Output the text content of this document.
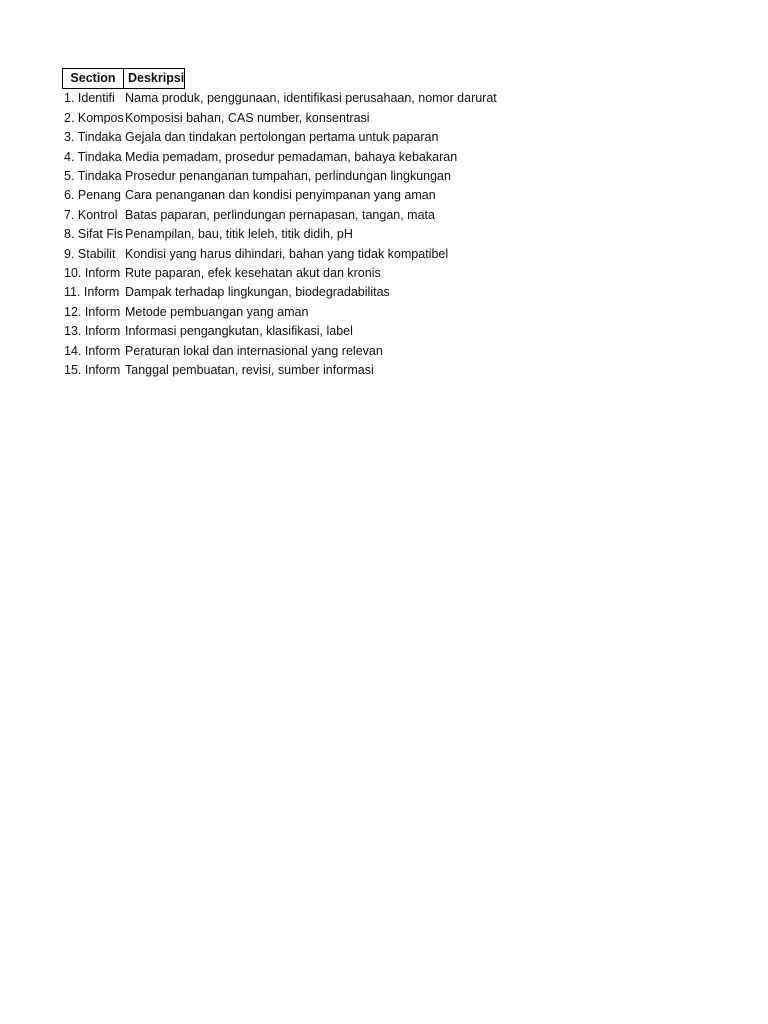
Section Deskripsi
1. Identifi Nama produk, penggunaan, identifikasi perusahaan, nomor darurat
2. Kompos Komposisi bahan, CAS number, konsentrasi
3. Tindaka Gejala dan tindakan pertolongan pertama untuk paparan
4. Tindaka Media pemadam, prosedur pemadaman, bahaya kebakaran
5. Tindaka Prosedur penanganan tumpahan, perlindungan lingkungan
6. Penang Cara penanganan dan kondisi penyimpanan yang aman
7. Kontrol Batas paparan, perlindungan pernapasan, tangan, mata
8. Sifat Fis Penampilan, bau, titik leleh, titik didih, pH
9. Stabilit Kondisi yang harus dihindari, bahan yang tidak kompatibel
10. Inform Rute paparan, efek kesehatan akut dan kronis
11. Inform Dampak terhadap lingkungan, biodegradabilitas
12. Inform Metode pembuangan yang aman
13. Inform Informasi pengangkutan, klasifikasi, label
14. Inform Peraturan lokal dan internasional yang relevan
15. Inform Tanggal pembuatan, revisi, sumber informasi
